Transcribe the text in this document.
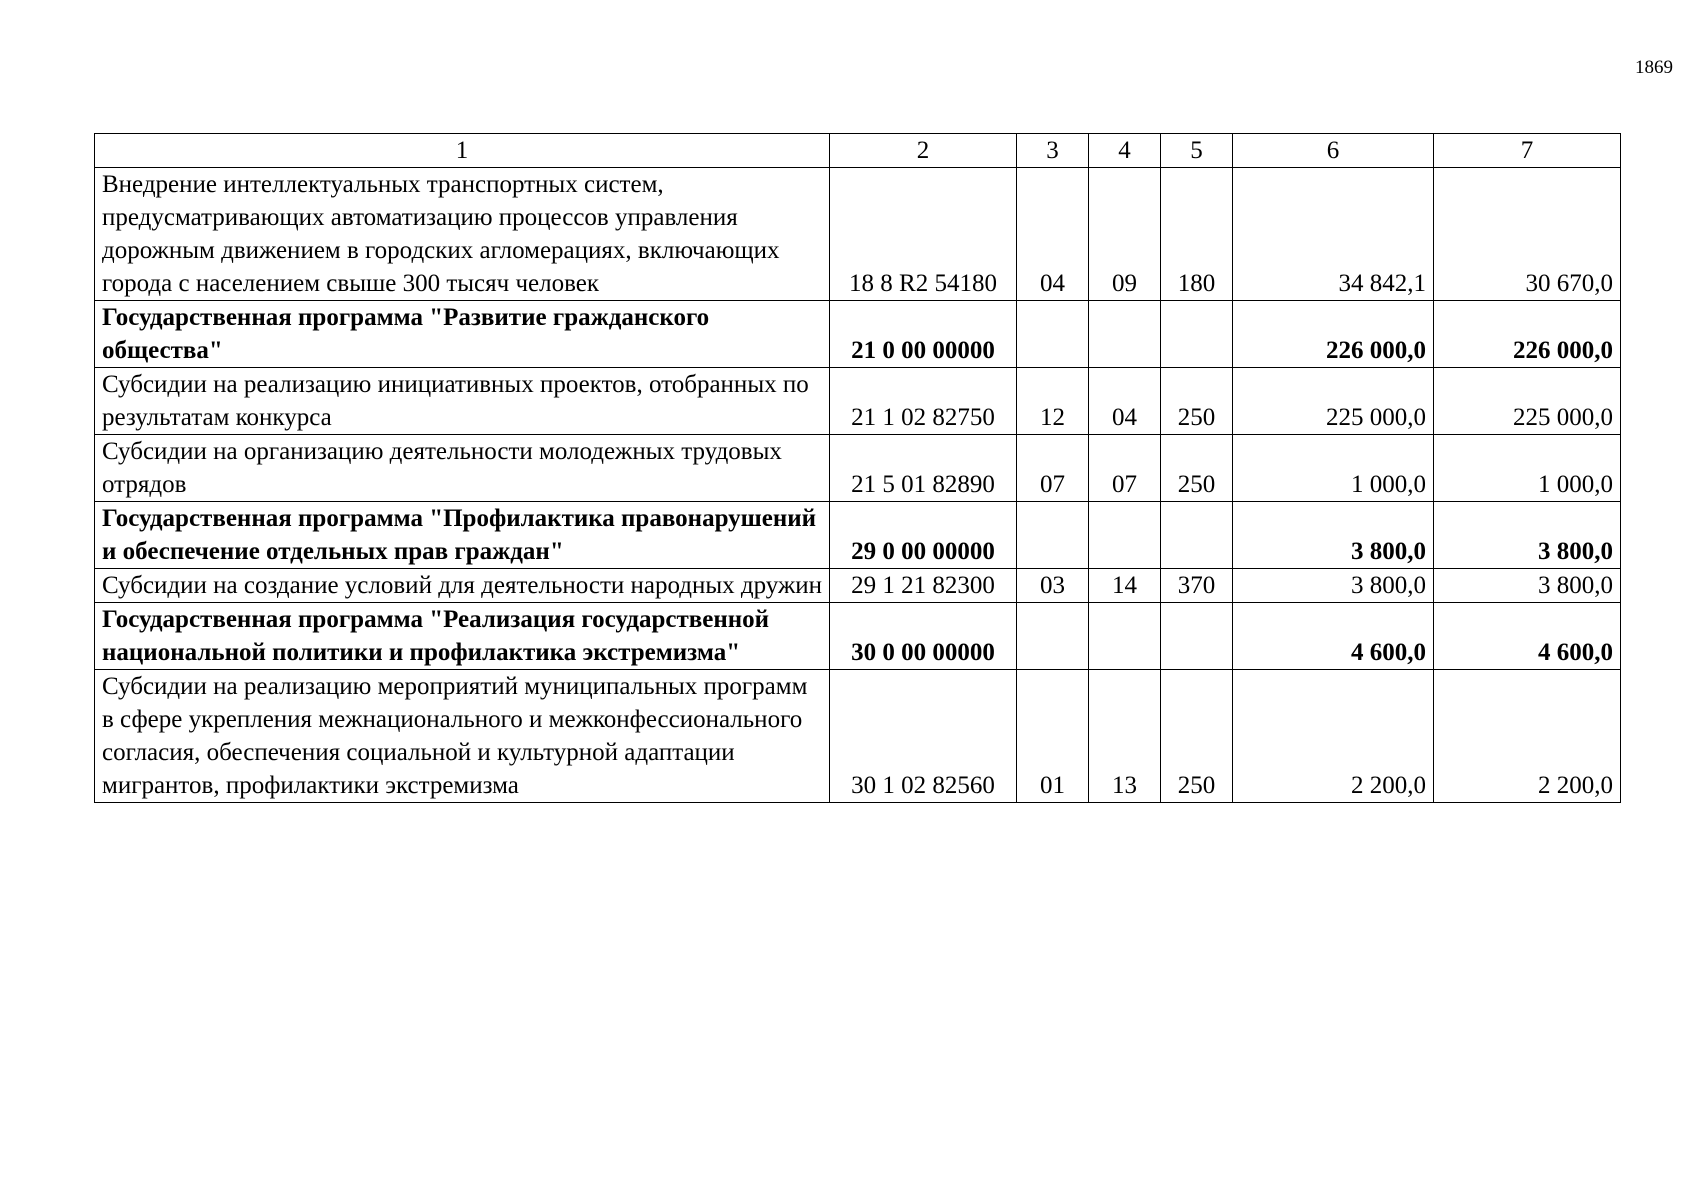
1869
1	2	3	4	5	6	7
Внедрение интеллектуальных транспортных систем, предусматривающих автоматизацию процессов управления дорожным движением в городских агломерациях, включающих города с населением свыше 300 тысяч человек	18 8 R2 54180	04	09	180	34 842,1	30 670,0
Государственная программа "Развитие гражданского общества"	21 0 00 00000				226 000,0	226 000,0
Субсидии на реализацию инициативных проектов, отобранных по результатам конкурса	21 1 02 82750	12	04	250	225 000,0	225 000,0
Субсидии на организацию деятельности молодежных трудовых отрядов	21 5 01 82890	07	07	250	1 000,0	1 000,0
Государственная программа "Профилактика правонарушений и обеспечение отдельных прав граждан"	29 0 00 00000				3 800,0	3 800,0
Субсидии на создание условий для деятельности народных дружин	29 1 21 82300	03	14	370	3 800,0	3 800,0
Государственная программа "Реализация государственной национальной политики и профилактика экстремизма"	30 0 00 00000				4 600,0	4 600,0
Субсидии на реализацию мероприятий муниципальных программ в сфере укрепления межнационального и межконфессионального согласия, обеспечения социальной и культурной адаптации мигрантов, профилактики экстремизма	30 1 02 82560	01	13	250	2 200,0	2 200,0
